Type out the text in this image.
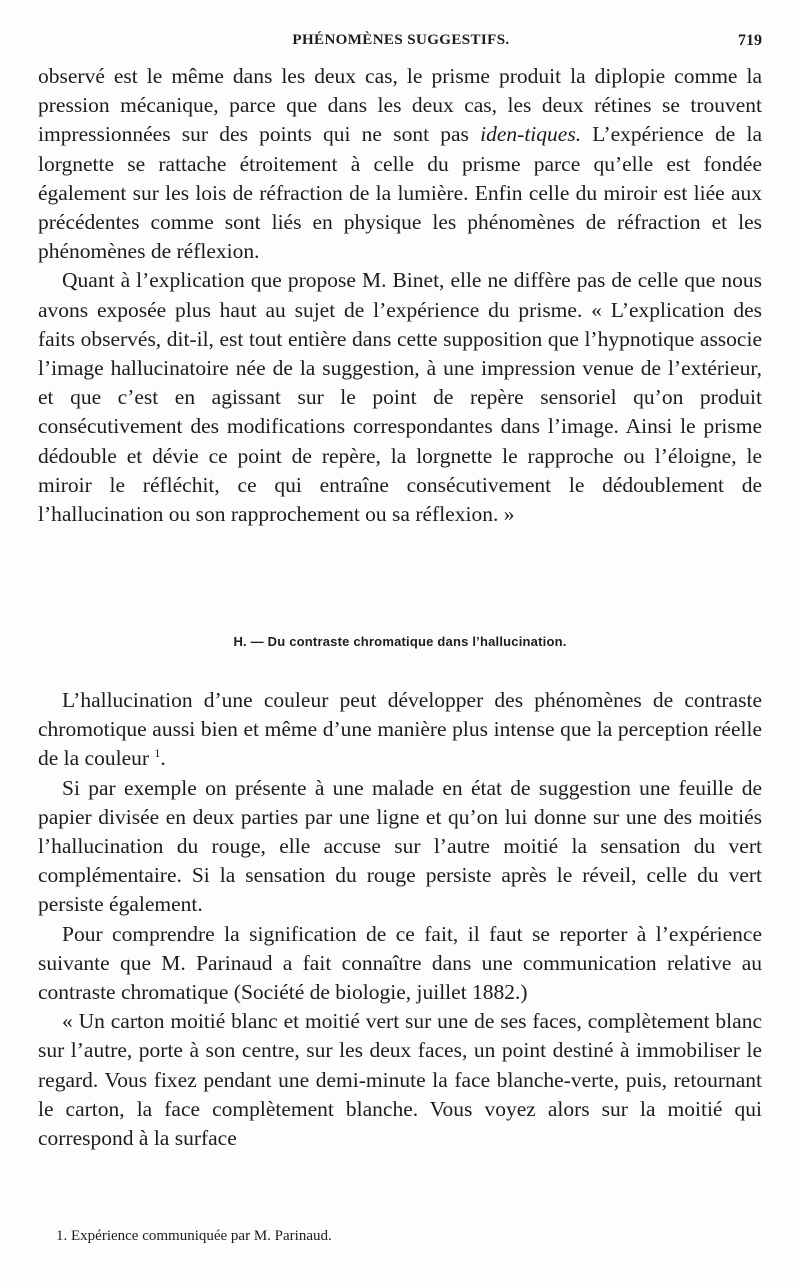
PHÉNOMÈNES SUGGESTIFS.	719

observé est le même dans les deux cas, le prisme produit la diplopie comme la pression mécanique, parce que dans les deux cas, les deux rétines se trouvent impressionnées sur des points qui ne sont pas iden-tiques. L’expérience de la lorgnette se rattache étroitement à celle du prisme parce qu’elle est fondée également sur les lois de réfraction de la lumière. Enfin celle du miroir est liée aux précédentes comme sont liés en physique les phénomènes de réfraction et les phénomènes de réflexion.

Quant à l’explication que propose M. Binet, elle ne diffère pas de celle que nous avons exposée plus haut au sujet de l’expérience du prisme. « L’explication des faits observés, dit-il, est tout entière dans cette supposition que l’hypnotique associe l’image hallucinatoire née de la suggestion, à une impression venue de l’extérieur, et que c’est en agissant sur le point de repère sensoriel qu’on produit consécutivement des modifications correspondantes dans l’image. Ainsi le prisme dédouble et dévie ce point de repère, la lorgnette le rapproche ou l’éloigne, le miroir le réfléchit, ce qui entraîne consécutivement le dédoublement de l’hallucination ou son rapprochement ou sa réflexion. »

H. — Du contraste chromatique dans l’hallucination.

L’hallucination d’une couleur peut développer des phénomènes de contraste chromotique aussi bien et même d’une manière plus intense que la perception réelle de la couleur $^1$.

Si par exemple on présente à une malade en état de suggestion une feuille de papier divisée en deux parties par une ligne et qu’on lui donne sur une des moitiés l’hallucination du rouge, elle accuse sur l’autre moitié la sensation du vert complémentaire. Si la sensation du rouge persiste après le réveil, celle du vert persiste également.

Pour comprendre la signification de ce fait, il faut se reporter à l’expérience suivante que M. Parinaud a fait connaître dans une communication relative au contraste chromatique (Société de biologie, juillet 1882.)

« Un carton moitié blanc et moitié vert sur une de ses faces, complètement blanc sur l’autre, porte à son centre, sur les deux faces, un point destiné à immobiliser le regard. Vous fixez pendant une demi-minute la face blanche-verte, puis, retournant le carton, la face complètement blanche. Vous voyez alors sur la moitié qui correspond à la surface

1. Expérience communiquée par M. Parinaud.
